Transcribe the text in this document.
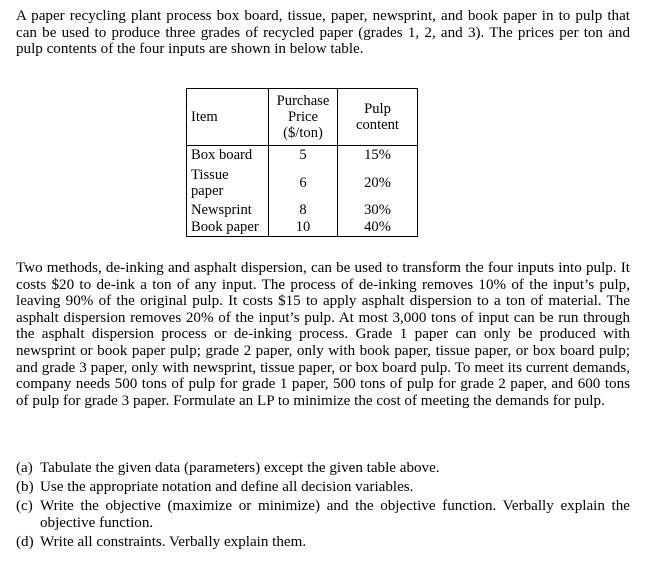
A paper recycling plant process box board, tissue, paper, newsprint, and book paper in to pulp that can be used to produce three grades of recycled paper (grades 1, 2, and 3). The prices per ton and pulp contents of the four inputs are shown in below table.

Item	Purchase Price ($/ton)	Pulp content
Box board	5	15%
Tissue paper	6	20%
Newsprint	8	30%
Book paper	10	40%

Two methods, de-inking and asphalt dispersion, can be used to transform the four inputs into pulp. It costs $20 to de-ink a ton of any input. The process of de-inking removes 10% of the input’s pulp, leaving 90% of the original pulp. It costs $15 to apply asphalt dispersion to a ton of material. The asphalt dispersion removes 20% of the input’s pulp. At most 3,000 tons of input can be run through the asphalt dispersion process or de-inking process. Grade 1 paper can only be produced with newsprint or book paper pulp; grade 2 paper, only with book paper, tissue paper, or box board pulp; and grade 3 paper, only with newsprint, tissue paper, or box board pulp. To meet its current demands, company needs 500 tons of pulp for grade 1 paper, 500 tons of pulp for grade 2 paper, and 600 tons of pulp for grade 3 paper. Formulate an LP to minimize the cost of meeting the demands for pulp.

(a) Tabulate the given data (parameters) except the given table above.
(b) Use the appropriate notation and define all decision variables.
(c) Write the objective (maximize or minimize) and the objective function. Verbally explain the objective function.
(d) Write all constraints. Verbally explain them.
